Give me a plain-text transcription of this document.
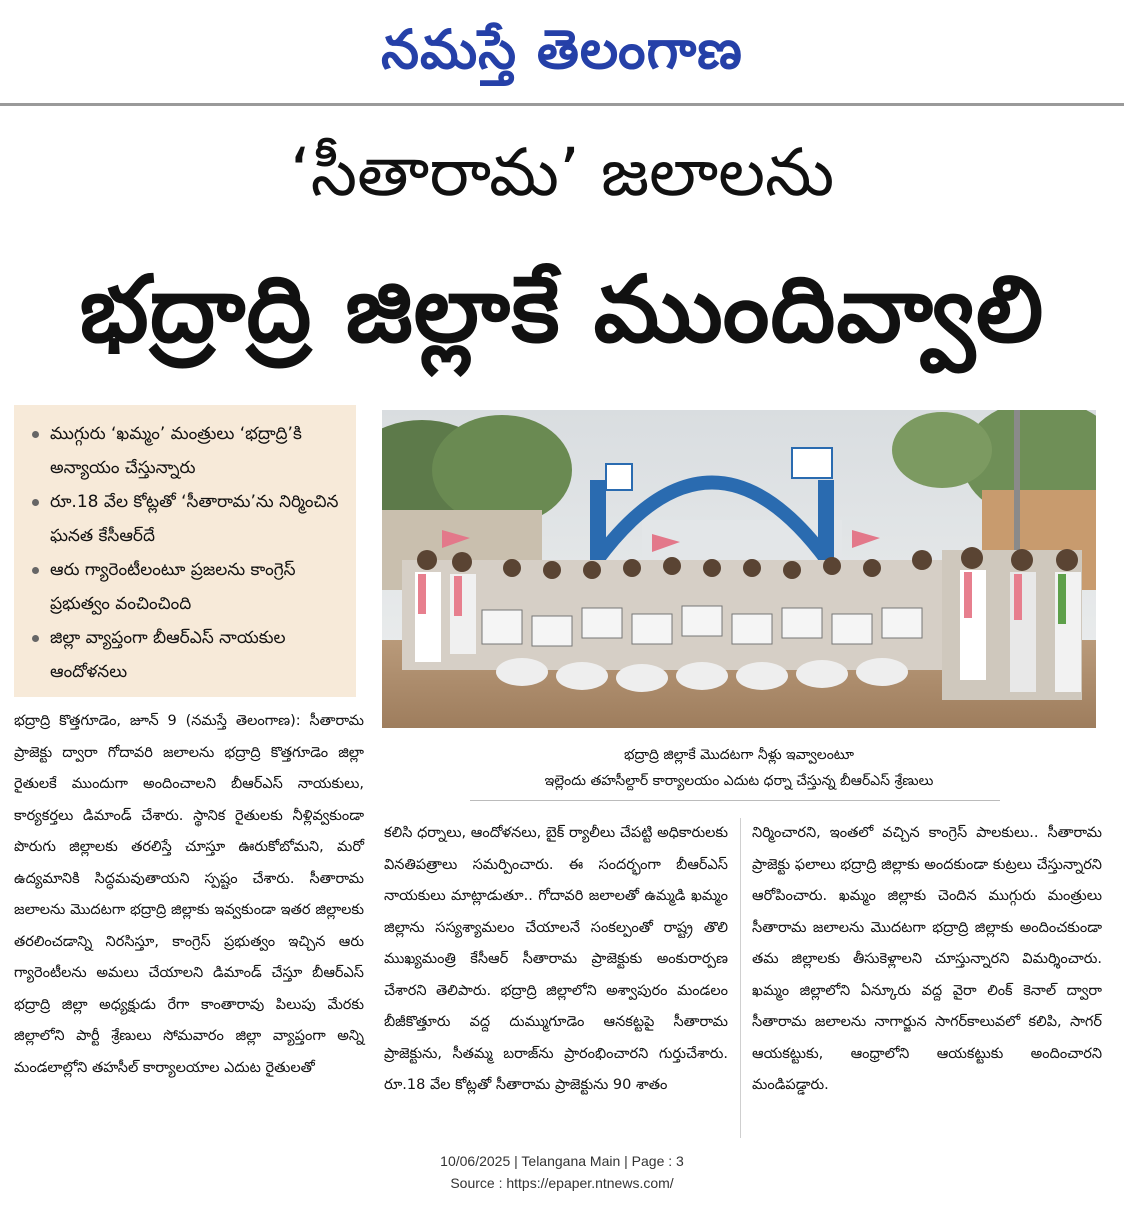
నమస్తే తెలంగాణ
‘సీతారామ’ జలాలను
భద్రాద్రి జిల్లాకే ముందివ్వాలి
ముగ్గురు ‘ఖమ్మం’ మంత్రులు ‘భద్రాద్రి’కి అన్యాయం చేస్తున్నారు
రూ.18 వేల కోట్లతో ‘సీతారామ’ను నిర్మించిన ఘనత కేసీఆర్‌దే
ఆరు గ్యారెంటీలంటూ ప్రజలను కాంగ్రెస్ ప్రభుత్వం వంచించింది
జిల్లా వ్యాప్తంగా బీఆర్‌ఎస్ నాయకుల ఆందోళనలు
భద్రాద్రి జిల్లాకే మొదటగా నీళ్లు ఇవ్వాలంటూ
ఇల్లెందు తహసీల్దార్ కార్యాలయం ఎదుట ధర్నా చేస్తున్న బీఆర్‌ఎస్ శ్రేణులు
భద్రాద్రి కొత్తగూడెం, జూన్ 9 (నమస్తే తెలంగాణ): సీతారామ ప్రాజెక్టు ద్వారా గోదావరి జలాలను భద్రాద్రి కొత్తగూడెం జిల్లా రైతులకే ముందుగా అందించాలని బీఆర్‌ఎస్ నాయకులు, కార్యకర్తలు డిమాండ్ చేశారు. స్థానిక రైతులకు నీళ్లివ్వకుండా పొరుగు జిల్లాలకు తరలిస్తే చూస్తూ ఊరుకోబోమని, మరో ఉద్యమానికి సిద్ధమవుతాయని స్పష్టం చేశారు. సీతారామ జలాలను మొదటగా భద్రాద్రి జిల్లాకు ఇవ్వకుండా ఇతర జిల్లాలకు తరలించడాన్ని నిరసిస్తూ, కాంగ్రెస్ ప్రభుత్వం ఇచ్చిన ఆరు గ్యారెంటీలను అమలు చేయాలని డిమాండ్ చేస్తూ బీఆర్‌ఎస్ భద్రాద్రి జిల్లా అధ్యక్షుడు రేగా కాంతారావు పిలుపు మేరకు జిల్లాలోని పార్టీ శ్రేణులు సోమవారం జిల్లా వ్యాప్తంగా అన్ని మండలాల్లోని తహసీల్ కార్యాలయాల ఎదుట రైతులతో
కలిసి ధర్నాలు, ఆందోళనలు, బైక్ ర్యాలీలు చేపట్టి అధికారులకు వినతిపత్రాలు సమర్పించారు. ఈ సందర్భంగా బీఆర్‌ఎస్ నాయకులు మాట్లాడుతూ.. గోదావరి జలాలతో ఉమ్మడి ఖమ్మం జిల్లాను సస్యశ్యామలం చేయాలనే సంకల్పంతో రాష్ట్ర తొలి ముఖ్యమంత్రి కేసీఆర్ సీతారామ ప్రాజెక్టుకు అంకురార్పణ చేశారని తెలిపారు. భద్రాద్రి జిల్లాలోని అశ్వాపురం మండలం బీజీకొత్తూరు వద్ద దుమ్ముగూడెం ఆనకట్టపై సీతారామ ప్రాజెక్టును, సీతమ్మ బరాజ్‌ను ప్రారంభించారని గుర్తుచేశారు. రూ.18 వేల కోట్లతో సీతారామ ప్రాజెక్టును 90 శాతం
నిర్మించారని, ఇంతలో వచ్చిన కాంగ్రెస్ పాలకులు.. సీతారామ ప్రాజెక్టు ఫలాలు భద్రాద్రి జిల్లాకు అందకుండా కుట్రలు చేస్తున్నారని ఆరోపించారు. ఖమ్మం జిల్లాకు చెందిన ముగ్గురు మంత్రులు సీతారామ జలాలను మొదటగా భద్రాద్రి జిల్లాకు అందించకుండా తమ జిల్లాలకు తీసుకెళ్లాలని చూస్తున్నారని విమర్శించారు. ఖమ్మం జిల్లాలోని ఏన్కూరు వద్ద వైరా లింక్ కెనాల్ ద్వారా సీతారామ జలాలను నాగార్జున సాగర్‌కాలువలో కలిపి, సాగర్ ఆయకట్టుకు, ఆంధ్రాలోని ఆయకట్టుకు అందించారని మండిపడ్డారు.
10/06/2025 | Telangana Main | Page : 3
Source : https://epaper.ntnews.com/
